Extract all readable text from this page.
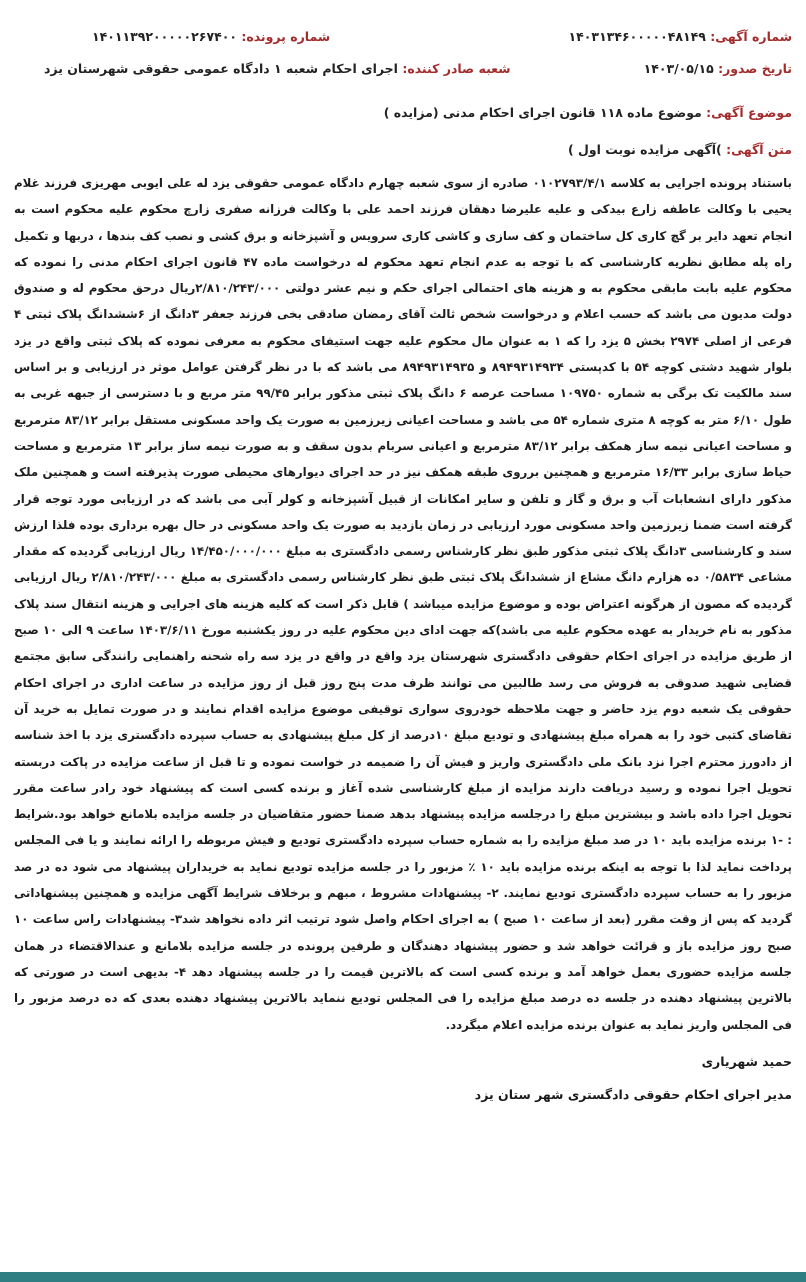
شماره آگهی: ۱۴۰۳۱۳۴۶۰۰۰۰۰۴۸۱۴۹
شماره پرونده: ۱۴۰۱۱۳۹۲۰۰۰۰۰۲۶۷۴۰۰
تاریخ صدور: ۱۴۰۳/۰۵/۱۵
شعبه صادر کننده: اجرای احکام شعبه ۱ دادگاه عمومی حقوقی شهرستان یزد
موضوع آگهی: موضوع ماده ۱۱۸ قانون اجرای احکام مدنی (مزایده )
متن آگهی: )آگهی مزایده نوبت اول )
باستناد پرونده اجرایی به کلاسه ۰۱۰۲۷۹۳/۴/۱ صادره از سوی شعبه چهارم دادگاه عمومی حقوقی یزد له علی ایوبی مهریزی فرزند غلام یحیی با وکالت عاطفه زارع بیدکی و علیه علیرضا دهقان فرزند احمد علی با وکالت فرزانه صفری زارچ محکوم علیه محکوم است به انجام تعهد دایر بر گچ کاری کل ساختمان و کف سازی و کاشی کاری سرویس و آشپزخانه و برق کشی و نصب کف بندها ، دربها و تکمیل راه پله مطابق نظریه کارشناسی که با توجه به عدم انجام تعهد محکوم له درخواست ماده ۴۷ قانون اجرای احکام مدنی را نموده که محکوم علیه بابت مابقی محکوم به و هزینه های احتمالی اجرای حکم و نیم عشر دولتی ۲/۸۱۰/۲۴۳/۰۰۰ریال درحق محکوم له و صندوق دولت مدیون می باشد که حسب اعلام و درخواست شخص ثالث آقای رمضان صادقی بخی فرزند جعفر ۳دانگ از ۶ششدانگ پلاک ثبتی ۴ فرعی از اصلی ۲۹۷۴ بخش ۵ یزد را که ۱ به عنوان مال محکوم علیه جهت استیفای محکوم به معرفی نموده که پلاک ثبتی واقع در یزد بلوار شهید دشتی کوچه ۵۴ با کدپستی ۸۹۴۹۳۱۴۹۳۴ و ۸۹۴۹۳۱۴۹۳۵ می باشد که با در نظر گرفتن عوامل موثر در ارزیابی و بر اساس سند مالکیت تک برگی به شماره ۱۰۹۷۵۰ مساحت عرصه ۶ دانگ پلاک ثبتی مذکور برابر ۹۹/۴۵ متر مربع و با دسترسی از جبهه غربی به طول ۶/۱۰ متر به کوچه ۸ متری شماره ۵۴ می باشد و مساحت اعیانی زیرزمین به صورت یک واحد مسکونی مستقل برابر ۸۳/۱۲ مترمربع و مساحت اعیانی نیمه ساز همکف برابر ۸۳/۱۲ مترمربع و اعیانی سربام بدون سقف و به صورت نیمه ساز برابر ۱۳ مترمربع و مساحت حیاط سازی برابر ۱۶/۳۳ مترمربع و همچنین برروی طبقه همکف نیز در حد اجرای دیوارهای محیطی صورت پذیرفته است و همچنین ملک مذکور دارای انشعابات آب و برق و گاز و تلفن و سایر امکانات از قبیل آشپزخانه و کولر آبی می باشد که در ارزیابی مورد توجه قرار گرفته است ضمنا زیرزمین واحد مسکونی مورد ارزیابی در زمان بازدید به صورت یک واحد مسکونی در حال بهره برداری بوده فلذا ارزش سند و کارشناسی ۳دانگ پلاک ثبتی مذکور طبق نظر کارشناس رسمی دادگستری به مبلغ ۱۴/۴۵۰/۰۰۰/۰۰۰ ریال ارزیابی گردیده که مقدار مشاعی ۰/۵۸۳۴ ده هزارم دانگ مشاع از ششدانگ پلاک ثبتی طبق نظر کارشناس رسمی دادگستری به مبلغ ۲/۸۱۰/۲۴۳/۰۰۰ ریال ارزیابی گردیده که مصون از هرگونه اعتراض بوده و موضوع مزایده میباشد ) قابل ذکر است که کلیه هزینه های اجرایی و هزینه انتقال سند پلاک مذکور به نام خریدار به عهده محکوم علیه می باشد)که جهت ادای دین محکوم علیه در روز یکشنبه مورخ ۱۴۰۳/۶/۱۱ ساعت ۹ الی ۱۰ صبح از طریق مزایده در اجرای احکام حقوقی دادگستری شهرستان یزد واقع در واقع در یزد سه راه شحنه راهنمایی رانندگی سابق مجتمع قضایی شهید صدوقی به فروش می رسد طالبین می توانند ظرف مدت پنج روز قبل از روز مزایده در ساعت اداری در اجرای احکام حقوقی یک شعبه دوم یزد حاضر و جهت ملاحظه خودروی سواری توقیفی موضوع مزایده اقدام نمایند و در صورت تمایل به خرید آن تقاضای کتبی خود را به همراه مبلغ پیشنهادی و تودیع مبلغ ۱۰درصد از کل مبلغ پیشنهادی به حساب سپرده دادگستری یزد با اخذ شناسه از دادورز محترم اجرا نزد بانک ملی دادگستری واریز و فیش آن را ضمیمه در خواست نموده و تا قبل از ساعت مزایده در پاکت دربسته تحویل اجرا نموده و رسید دریافت دارند مزایده از مبلغ کارشناسی شده آغاز و برنده کسی است که پیشنهاد خود رادر ساعت مقرر تحویل اجرا داده باشد و بیشترین مبلغ را درجلسه مزایده پیشنهاد بدهد ضمنا حضور متقاضیان در جلسه مزایده بلامانع خواهد بود.شرایط : -۱ برنده مزایده باید ۱۰ در صد مبلغ مزایده را به شماره حساب سپرده دادگستری تودیع و فیش مربوطه را ارائه نمایند و یا فی المجلس پرداخت نماید لذا با توجه به اینکه برنده مزایده باید ۱۰ ٪ مزبور را در جلسه مزایده تودیع نماید به خریداران پیشنهاد می شود ده در صد مزبور را به حساب سپرده دادگستری تودیع نمایند. ۲- پیشنهادات مشروط ، مبهم و برخلاف شرایط آگهی مزایده و همچنین پیشنهاداتی گردید که پس از وقت مقرر (بعد از ساعت ۱۰ صبح ) به اجرای احکام واصل شود ترتیب اثر داده نخواهد شد۳- پیشنهادات راس ساعت ۱۰ صبح روز مزایده باز و قرائت خواهد شد و حضور پیشنهاد دهندگان و طرفین پرونده در جلسه مزایده بلامانع و عندالاقتضاء در همان جلسه مزایده حضوری بعمل خواهد آمد و برنده کسی است که بالاترین قیمت را در جلسه پیشنهاد دهد ۴- بدیهی است در صورتی که بالاترین پیشنهاد دهنده در جلسه ده درصد مبلغ مزایده را فی المجلس تودیع ننماید بالاترین پیشنهاد دهنده بعدی که ده درصد مزبور را فی المجلس واریز نماید به عنوان برنده مزایده اعلام میگردد.
حمید شهریاری
مدیر اجرای احکام حقوقی دادگستری شهر ستان یزد
